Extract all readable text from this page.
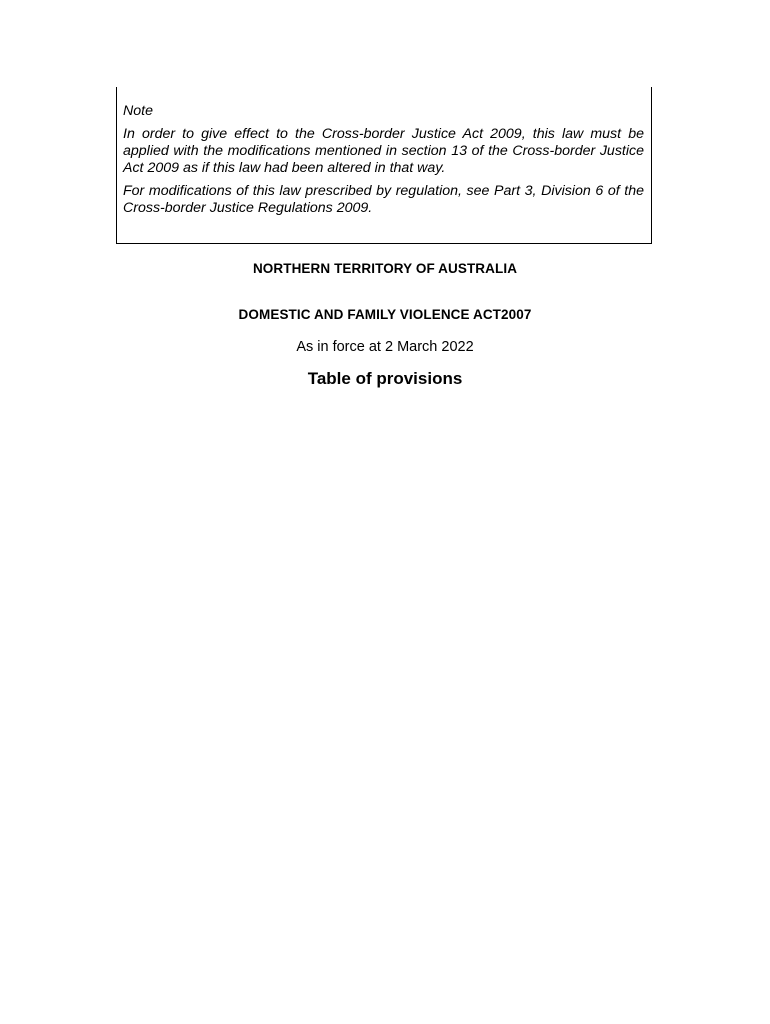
Note

In order to give effect to the Cross-border Justice Act 2009, this law must be applied with the modifications mentioned in section 13 of the Cross-border Justice Act 2009 as if this law had been altered in that way.

For modifications of this law prescribed by regulation, see Part 3, Division 6 of the Cross-border Justice Regulations 2009.

NORTHERN TERRITORY OF AUSTRALIA
DOMESTIC AND FAMILY VIOLENCE ACT2007
As in force at 2 March 2022
Table of provisions
